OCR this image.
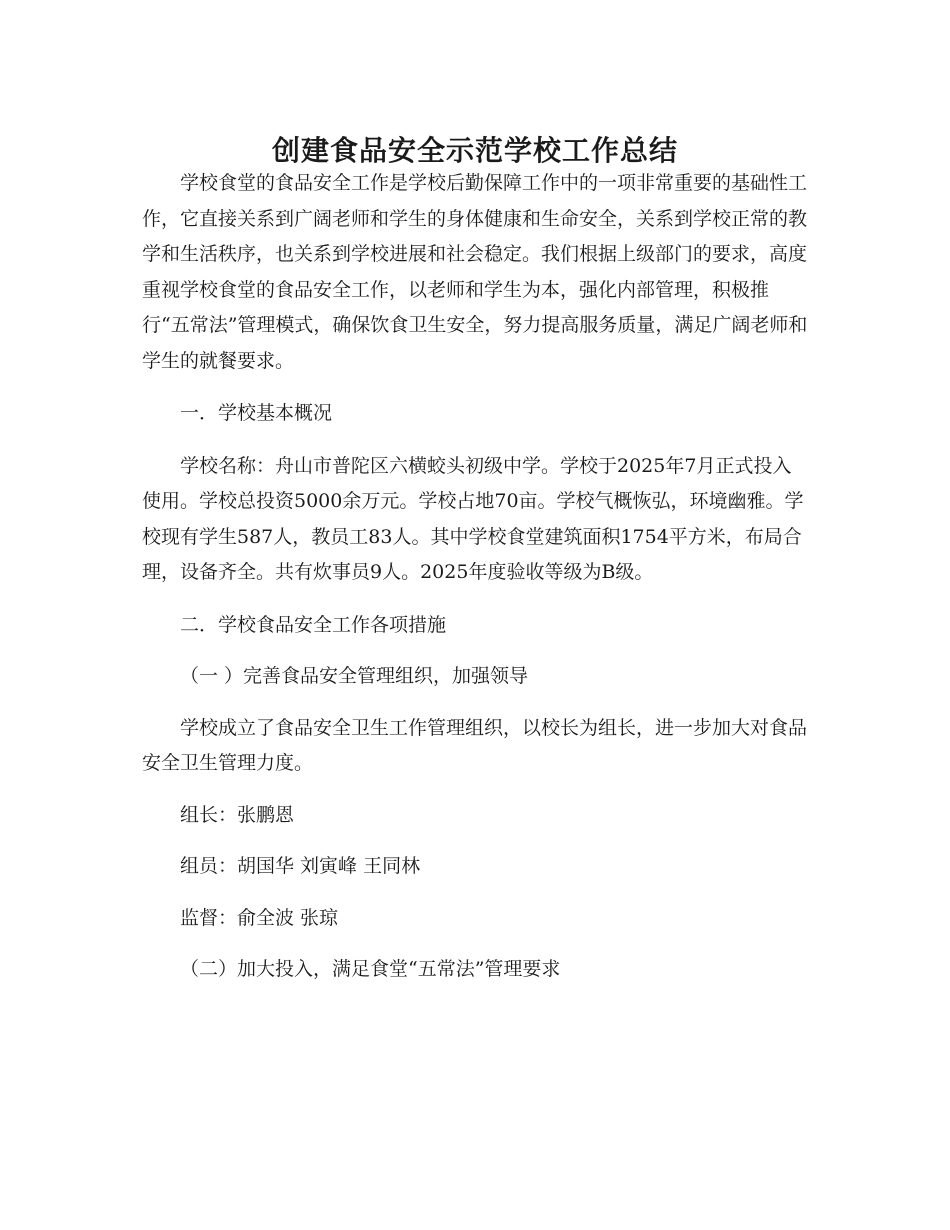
创建食品安全示范学校工作总结

学校食堂的食品安全工作是学校后勤保障工作中的一项非常重要的基础性工作，它直接关系到广阔老师和学生的身体健康和生命安全，关系到学校正常的教学和生活秩序，也关系到学校进展和社会稳定。我们根据上级部门的要求，高度重视学校食堂的食品安全工作，以老师和学生为本，强化内部管理，积极推行“五常法”管理模式，确保饮食卫生安全，努力提高服务质量，满足广阔老师和学生的就餐要求。

一．学校基本概况

学校名称：舟山市普陀区六横蛟头初级中学。学校于2025年7月正式投入使用。学校总投资5000余万元。学校占地70亩。学校气概恢弘，环境幽雅。学校现有学生587人，教员工83人。其中学校食堂建筑面积1754平方米，布局合理，设备齐全。共有炊事员9人。2025年度验收等级为B级。

二．学校食品安全工作各项措施

（一 ）完善食品安全管理组织，加强领导

学校成立了食品安全卫生工作管理组织，以校长为组长，进一步加大对食品安全卫生管理力度。

组长：张鹏恩

组员：胡国华 刘寅峰 王同林

监督：俞全波 张琼

（二）加大投入，满足食堂“五常法”管理要求
